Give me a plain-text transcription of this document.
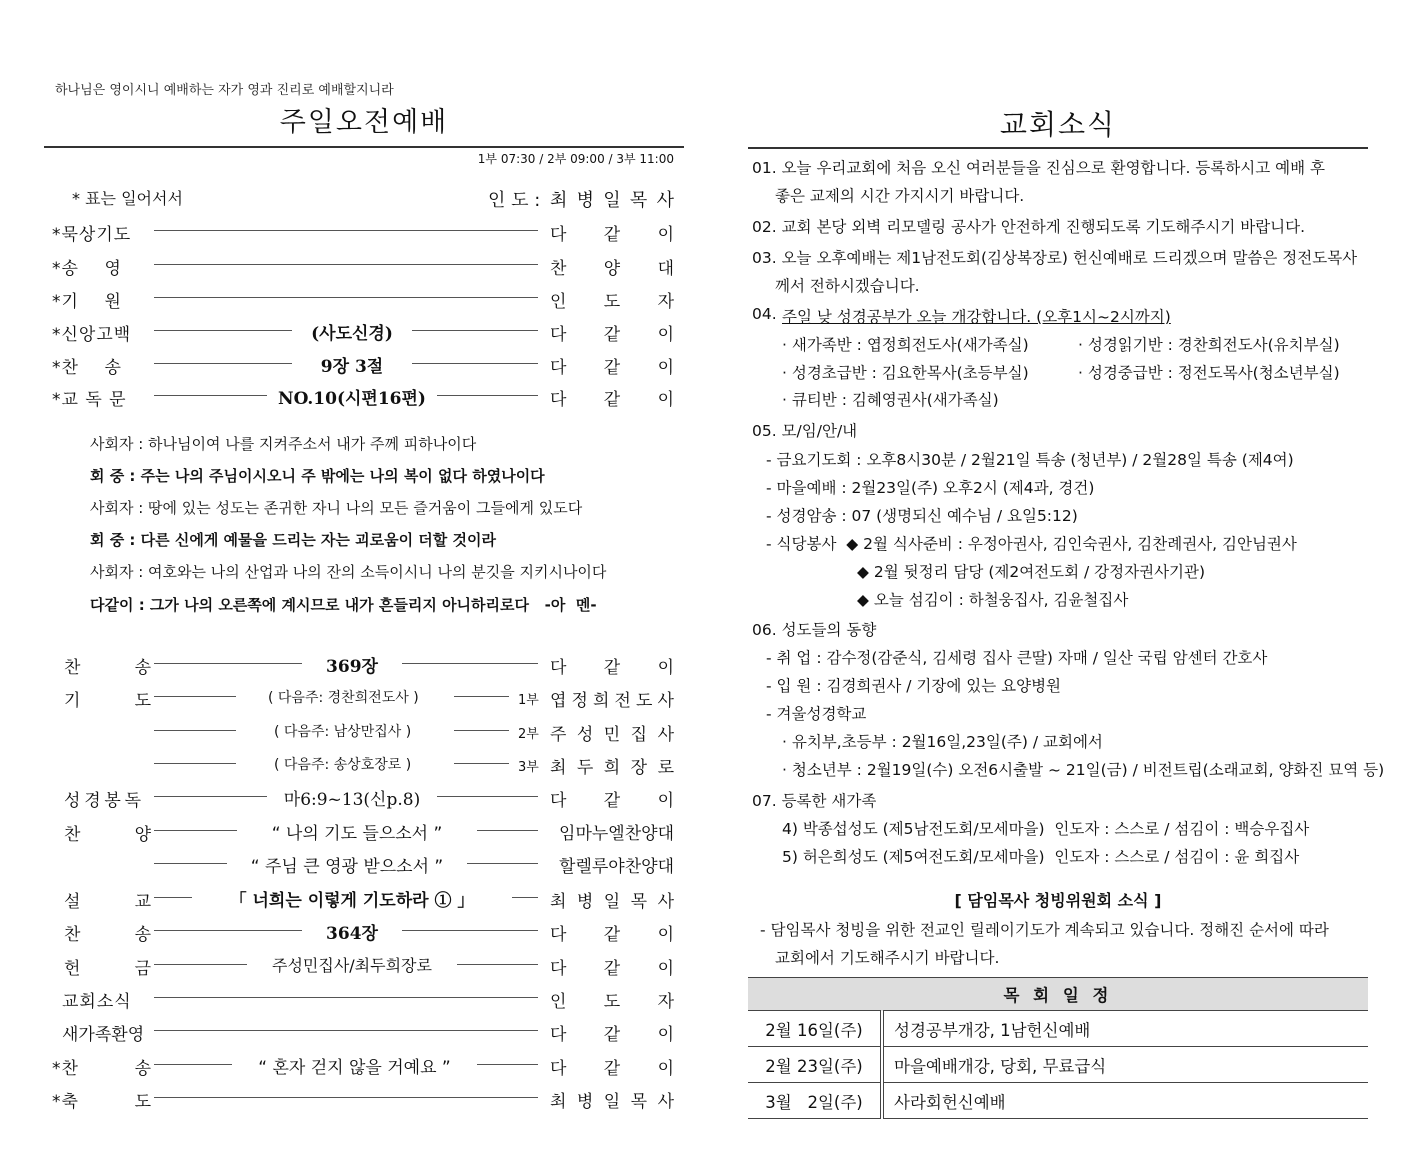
하나님은 영이시니 예배하는 자가 영과 진리로 예배할지니라
주일오전예배
1부 07:30 / 2부 09:00 / 3부 11:00
* 표는 일어서서	인 도 : 최 병 일 목 사
*묵상기도	다 같 이
*송    영	찬 양 대
*기    원	인 도 자
*신앙고백	(사도신경)	다 같 이
*찬    송	9장 3절	다 같 이
*교 독 문	NO.10(시편16편)	다 같 이
사회자 : 하나님이여 나를 지켜주소서 내가 주께 피하나이다
회 중 : 주는 나의 주님이시오니 주 밖에는 나의 복이 없다 하였나이다
사회자 : 땅에 있는 성도는 존귀한 자니 나의 모든 즐거움이 그들에게 있도다
회 중 : 다른 신에게 예물을 드리는 자는 괴로움이 더할 것이라
사회자 : 여호와는 나의 산업과 나의 잔의 소득이시니 나의 분깃을 지키시나이다
다같이 : 그가 나의 오른쪽에 계시므로 내가 흔들리지 아니하리로다   -아  멘-
찬	송	369장	다 같 이
기	도	( 다음주: 경찬희전도사 )	1부 엽 정 희 전 도 사
( 다음주: 남상만집사 )	2부 주 성 민 집 사
( 다음주: 송상호장로 )	3부 최 두 희 장 로
성 경 봉 독	마6:9~13(신p.8)	다 같 이
찬	양	“ 나의 기도 들으소서 ”	임마누엘찬양대
“ 주님 큰 영광 받으소서 ”	할렐루야찬양대
설	교	「 너희는 이렇게 기도하라 ① 」	최 병 일 목 사
찬	송	364장	다 같 이
헌	금	주성민집사/최두희장로	다 같 이
교회소식	인 도 자
새가족환영	다 같 이
*찬	송	“ 혼자 걷지 않을 거예요 ”	다 같 이
*축	도	최 병 일 목 사
교회소식
01. 오늘 우리교회에 처음 오신 여러분들을 진심으로 환영합니다. 등록하시고 예배 후
좋은 교제의 시간 가지시기 바랍니다.
02. 교회 본당 외벽 리모델링 공사가 안전하게 진행되도록 기도해주시기 바랍니다.
03. 오늘 오후예배는 제1남전도회(김상복장로) 헌신예배로 드리겠으며 말씀은 정전도목사
께서 전하시겠습니다.
04. 주일 낮 성경공부가 오늘 개강합니다. (오후1시~2시까지)
· 새가족반 : 엽정희전도사(새가족실)	· 성경읽기반 : 경찬희전도사(유치부실)
· 성경초급반 : 김요한목사(초등부실)	· 성경중급반 : 정전도목사(청소년부실)
· 큐티반 : 김혜영권사(새가족실)
05. 모/임/안/내
- 금요기도회 : 오후8시30분 / 2월21일 특송 (청년부) / 2월28일 특송 (제4여)
- 마을예배 : 2월23일(주) 오후2시 (제4과, 경건)
- 성경암송 : 07 (생명되신 예수님 / 요일5:12)
- 식당봉사  ◆ 2월 식사준비 : 우정아권사, 김인숙권사, 김찬례권사, 김안님권사
◆ 2월 뒷정리 담당 (제2여전도회 / 강정자권사기관)
◆ 오늘 섬김이 : 하철웅집사, 김윤철집사
06. 성도들의 동향
- 취 업 : 감수정(감준식, 김세령 집사 큰딸) 자매 / 일산 국립 암센터 간호사
- 입 원 : 김경희권사 / 기장에 있는 요양병원
- 겨울성경학교
· 유치부,초등부 : 2월16일,23일(주) / 교회에서
· 청소년부 : 2월19일(수) 오전6시출발 ~ 21일(금) / 비전트립(소래교회, 양화진 묘역 등)
07. 등록한 새가족
4) 박종섭성도 (제5남전도회/모세마을)  인도자 : 스스로 / 섬김이 : 백승우집사
5) 허은희성도 (제5여전도회/모세마을)  인도자 : 스스로 / 섬김이 : 윤 희집사
[ 담임목사 청빙위원회 소식 ]
- 담임목사 청빙을 위한 전교인 릴레이기도가 계속되고 있습니다. 정해진 순서에 따라
교회에서 기도해주시기 바랍니다.
목 회 일 정	
2월 16일(주)	성경공부개강, 1남헌신예배
2월 23일(주)	마을예배개강, 당회, 무료급식
3월   2일(주)	사라회헌신예배
